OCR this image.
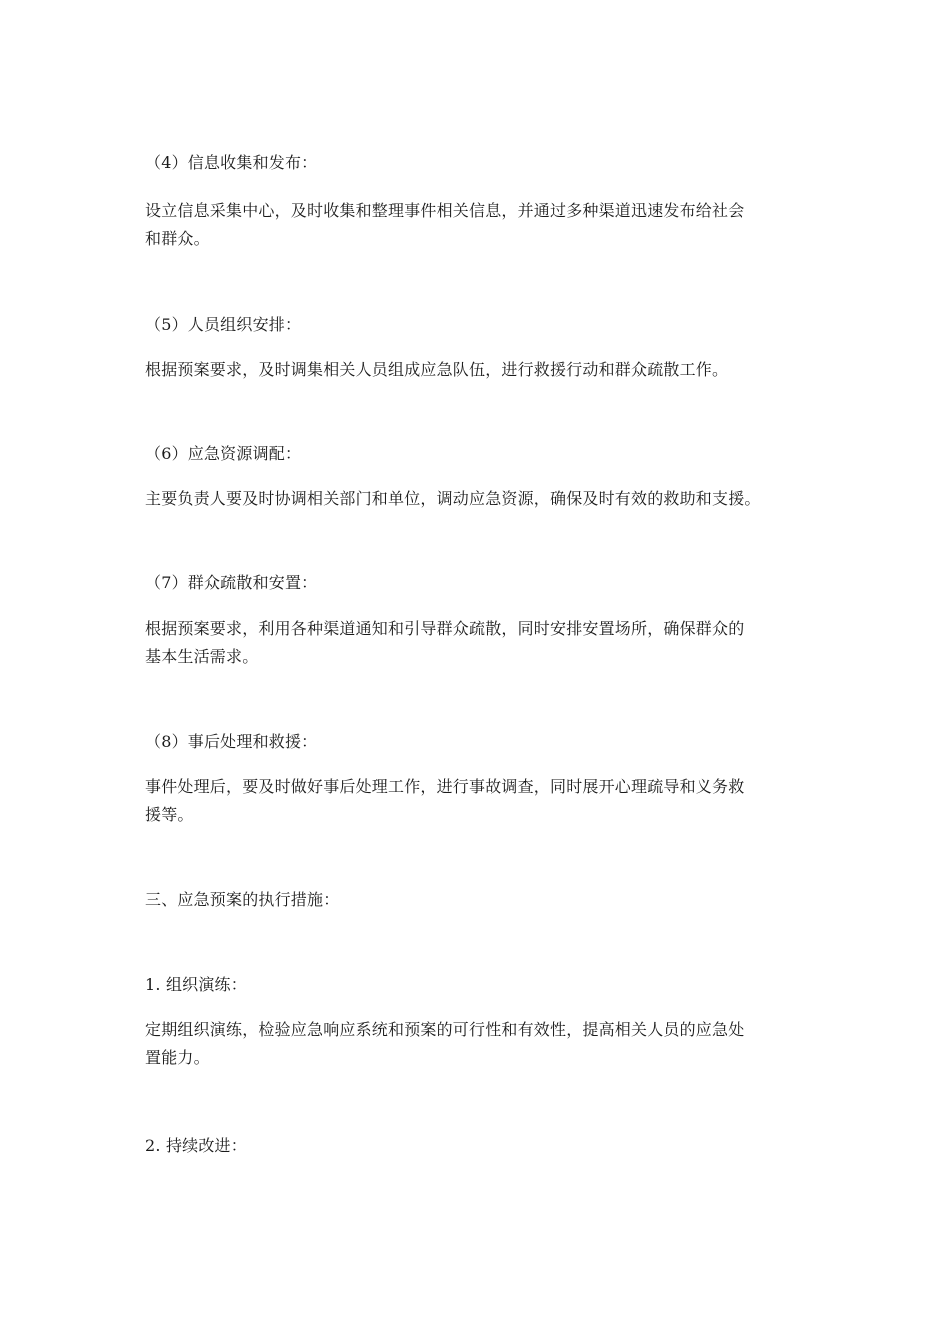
（4）信息收集和发布：
设立信息采集中心，及时收集和整理事件相关信息，并通过多种渠道迅速发布给社会
和群众。
（5）人员组织安排：
根据预案要求，及时调集相关人员组成应急队伍，进行救援行动和群众疏散工作。
（6）应急资源调配：
主要负责人要及时协调相关部门和单位，调动应急资源，确保及时有效的救助和支援。
（7）群众疏散和安置：
根据预案要求，利用各种渠道通知和引导群众疏散，同时安排安置场所，确保群众的
基本生活需求。
（8）事后处理和救援：
事件处理后，要及时做好事后处理工作，进行事故调查，同时展开心理疏导和义务救
援等。
三、应急预案的执行措施：
1. 组织演练：
定期组织演练，检验应急响应系统和预案的可行性和有效性，提高相关人员的应急处
置能力。
2. 持续改进：
